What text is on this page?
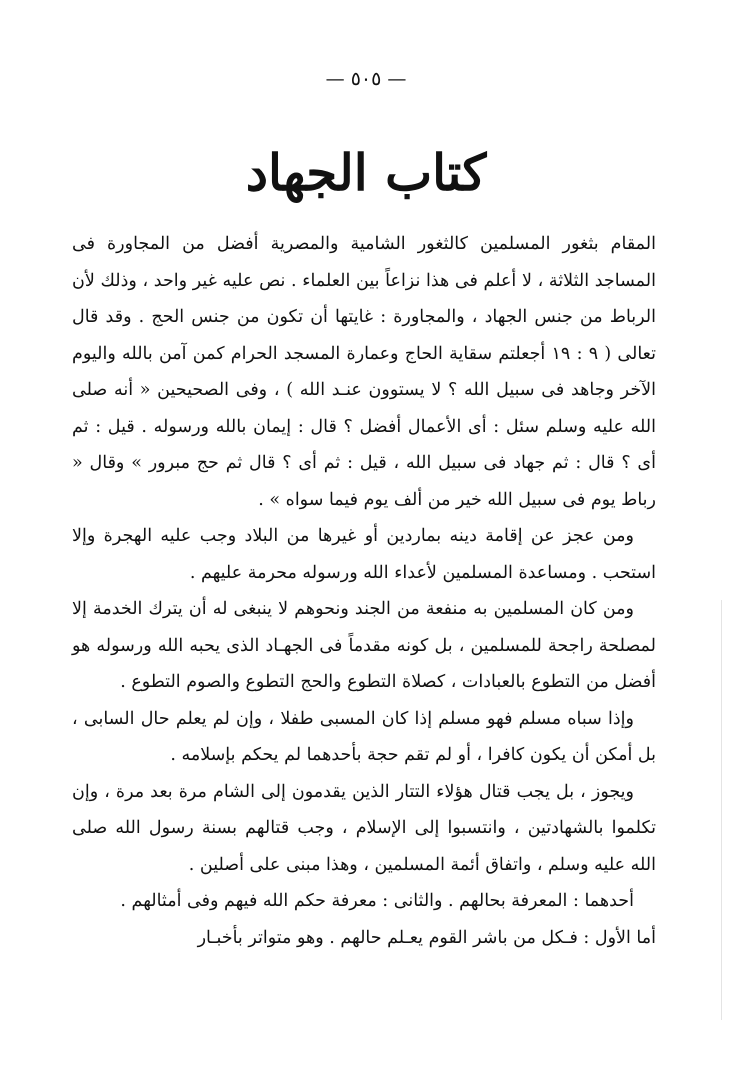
— ٥٠٥ —
كتاب الجهاد

المقام بثغور المسلمين كالثغور الشامية والمصرية أفضل من المجاورة فى المساجد الثلاثة ، لا أعلم فى هذا نزاعاً بين العلماء . نص عليه غير واحد ، وذلك لأن الرباط من جنس الجهاد ، والمجاورة : غايتها أن تكون من جنس الحج . وقد قال تعالى ( ٩ : ١٩ أجعلتم سقاية الحاج وعمارة المسجد الحرام كمن آمن بالله واليوم الآخر وجاهد فى سبيل الله ؟ لا يستوون عنـد الله ) ، وفى الصحيحين « أنه صلى الله عليه وسلم سئل : أى الأعمال أفضل ؟ قال : إيمان بالله ورسوله . قيل : ثم أى ؟ قال : ثم جهاد فى سبيل الله ، قيل : ثم أى ؟ قال ثم حج مبرور » وقال « رباط يوم فى سبيل الله خير من ألف يوم فيما سواه » .

ومن عجز عن إقامة دينه بماردين أو غيرها من البلاد وجب عليه الهجرة وإلا استحب . ومساعدة المسلمين لأعداء الله ورسوله محرمة عليهم .

ومن كان المسلمين به منفعة من الجند ونحوهم لا ينبغى له أن يترك الخدمة إلا لمصلحة راجحة للمسلمين ، بل كونه مقدماً فى الجهـاد الذى يحبه الله ورسوله هو أفضل من التطوع بالعبادات ، كصلاة التطوع والحج التطوع والصوم التطوع .

وإذا سباه مسلم فهو مسلم إذا كان المسبى طفلا ، وإن لم يعلم حال السابى ، بل أمكن أن يكون كافرا ، أو لم تقم حجة بأحدهما لم يحكم بإسلامه .

ويجوز ، بل يجب قتال هؤلاء التتار الذين يقدمون إلى الشام مرة بعد مرة ، وإن تكلموا بالشهادتين ، وانتسبوا إلى الإسلام ، وجب قتالهم بسنة رسول الله صلى الله عليه وسلم ، واتفاق أئمة المسلمين ، وهذا مبنى على أصلين .

أحدهما : المعرفة بحالهم . والثانى : معرفة حكم الله فيهم وفى أمثالهم .

أما الأول : فـكل من باشر القوم يعـلم حالهم . وهو متواتر بأخبـار
